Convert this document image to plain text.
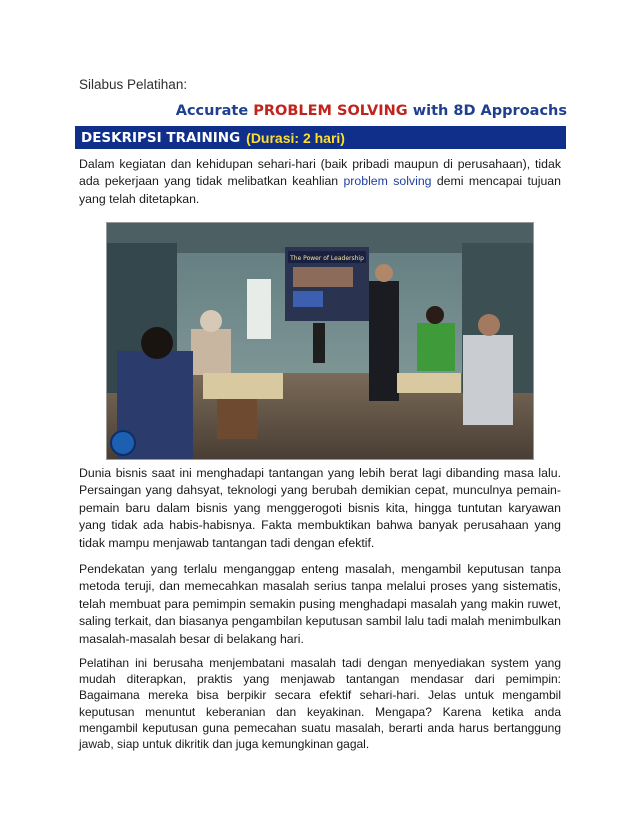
Silabus Pelatihan:
Accurate PROBLEM SOLVING with 8D Approachs
DESKRIPSI TRAINING (Durasi: 2 hari)

Dalam kegiatan dan kehidupan sehari-hari (baik pribadi maupun di perusahaan), tidak ada pekerjaan yang tidak melibatkan keahlian problem solving demi mencapai tujuan yang telah ditetapkan.

The Power of Leadership

Dunia bisnis saat ini menghadapi tantangan yang lebih berat lagi dibanding masa lalu. Persaingan yang dahsyat, teknologi yang berubah demikian cepat, munculnya pemain-pemain baru dalam bisnis yang menggerogoti bisnis kita, hingga tuntutan karyawan yang tidak ada habis-habisnya. Fakta membuktikan bahwa banyak perusahaan yang tidak mampu menjawab tantangan tadi dengan efektif.

Pendekatan yang terlalu menganggap enteng masalah, mengambil keputusan tanpa metoda teruji, dan memecahkan masalah serius tanpa melalui proses yang sistematis, telah membuat para pemimpin semakin pusing menghadapi masalah yang makin ruwet, saling terkait, dan biasanya pengambilan keputusan sambil lalu tadi malah menimbulkan masalah-masalah besar di belakang hari.

Pelatihan ini berusaha menjembatani masalah tadi dengan menyediakan system yang mudah diterapkan, praktis yang menjawab tantangan mendasar dari pemimpin: Bagaimana mereka bisa berpikir secara efektif sehari-hari. Jelas untuk mengambil keputusan menuntut keberanian dan keyakinan. Mengapa? Karena ketika anda mengambil keputusan guna pemecahan suatu masalah, berarti anda harus bertanggung jawab, siap untuk dikritik dan juga kemungkinan gagal.
